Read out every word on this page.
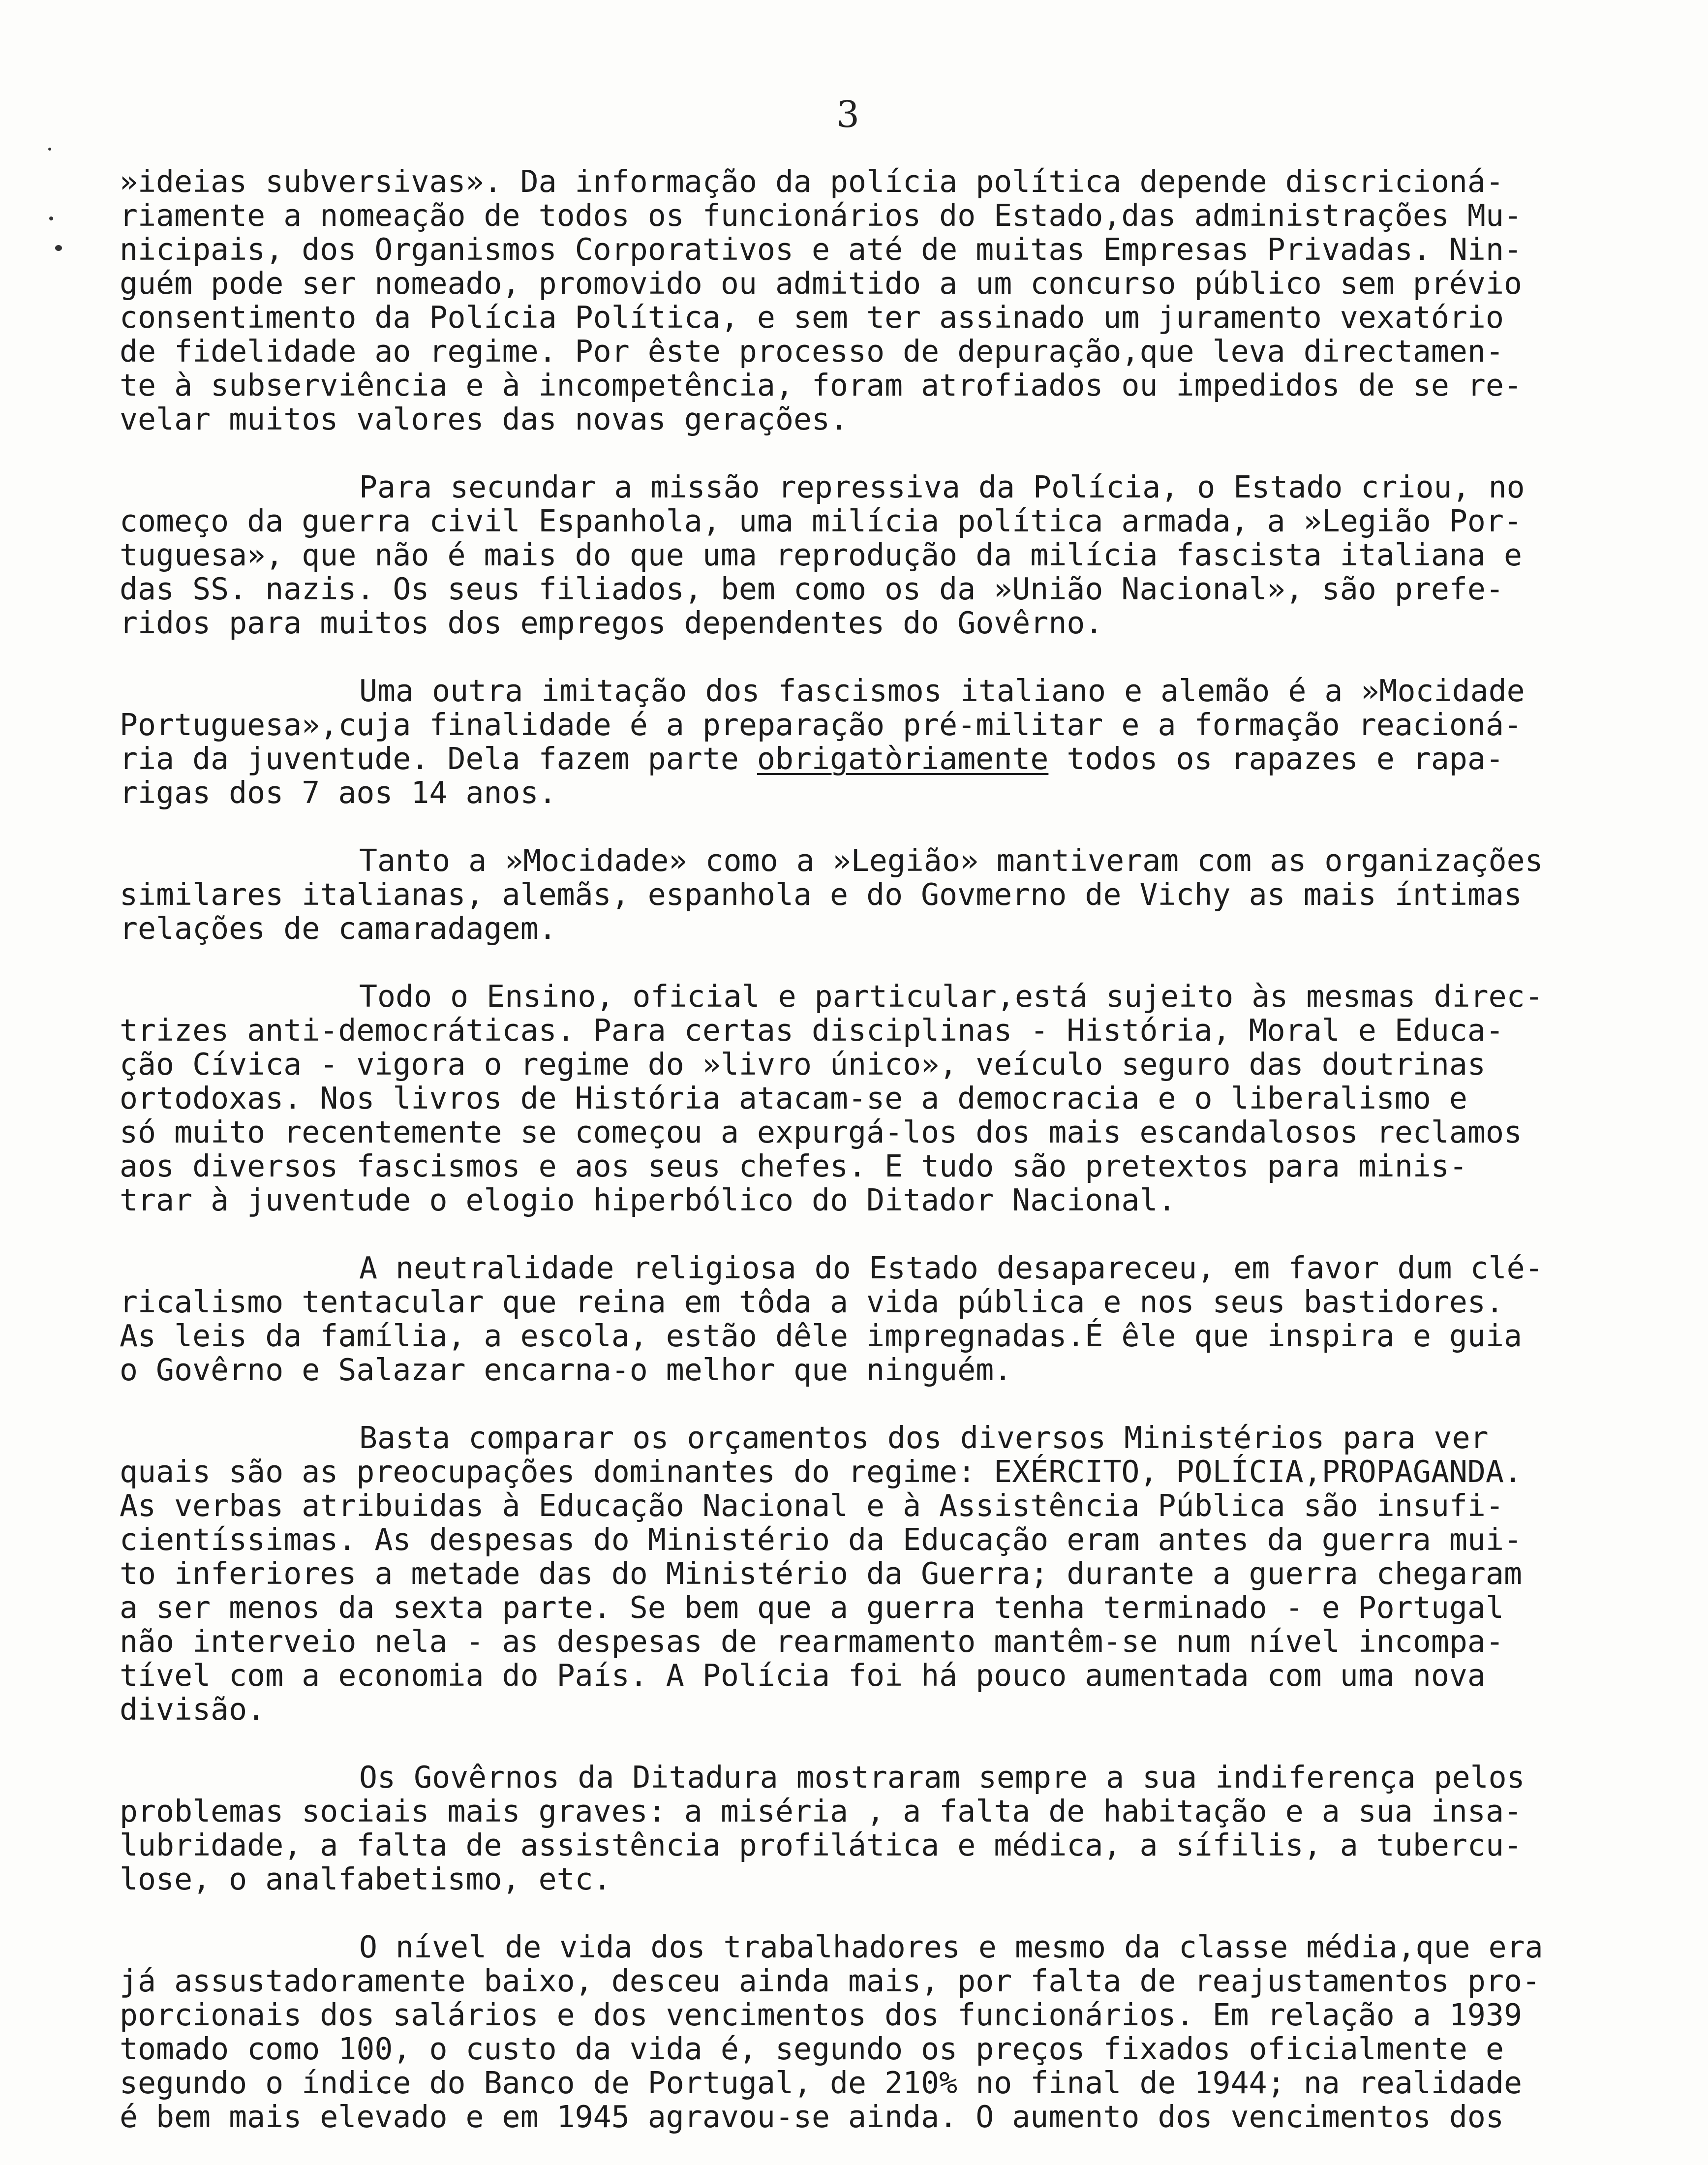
3
»ideias subversivas». Da informação da polícia política depende discricioná-
riamente a nomeação de todos os funcionários do Estado,das administrações Mu-
nicipais, dos Organismos Corporativos e até de muitas Empresas Privadas. Nin-
guém pode ser nomeado, promovido ou admitido a um concurso público sem prévio
consentimento da Polícia Política, e sem ter assinado um juramento vexatório
de fidelidade ao regime. Por êste processo de depuração,que leva directamen-
te à subserviência e à incompetência, foram atrofiados ou impedidos de se re-
velar muitos valores das novas gerações.
Para secundar a missão repressiva da Polícia, o Estado criou, no
começo da guerra civil Espanhola, uma milícia política armada, a »Legião Por-
tuguesa», que não é mais do que uma reprodução da milícia fascista italiana e
das SS. nazis. Os seus filiados, bem como os da »União Nacional», são prefe-
ridos para muitos dos empregos dependentes do Govêrno.
Uma outra imitação dos fascismos italiano e alemão é a »Mocidade
Portuguesa»,cuja finalidade é a preparação pré-militar e a formação reacioná-
ria da juventude. Dela fazem parte obrigatòriamente todos os rapazes e rapa-
rigas dos 7 aos 14 anos.
Tanto a »Mocidade» como a »Legião» mantiveram com as organizações
similares italianas, alemãs, espanhola e do Govmerno de Vichy as mais íntimas
relações de camaradagem.
Todo o Ensino, oficial e particular,está sujeito às mesmas direc-
trizes anti-democráticas. Para certas disciplinas - História, Moral e Educa-
ção Cívica - vigora o regime do »livro único», veículo seguro das doutrinas
ortodoxas. Nos livros de História atacam-se a democracia e o liberalismo e
só muito recentemente se começou a expurgá-los dos mais escandalosos reclamos
aos diversos fascismos e aos seus chefes. E tudo são pretextos para minis-
trar à juventude o elogio hiperbólico do Ditador Nacional.
A neutralidade religiosa do Estado desapareceu, em favor dum clé-
ricalismo tentacular que reina em tôda a vida pública e nos seus bastidores.
As leis da família, a escola, estão dêle impregnadas.É êle que inspira e guia
o Govêrno e Salazar encarna-o melhor que ninguém.
Basta comparar os orçamentos dos diversos Ministérios para ver
quais são as preocupações dominantes do regime: EXÉRCITO, POLÍCIA,PROPAGANDA.
As verbas atribuidas à Educação Nacional e à Assistência Pública são insufi-
cientíssimas. As despesas do Ministério da Educação eram antes da guerra mui-
to inferiores a metade das do Ministério da Guerra; durante a guerra chegaram
a ser menos da sexta parte. Se bem que a guerra tenha terminado - e Portugal
não interveio nela - as despesas de rearmamento mantêm-se num nível incompa-
tível com a economia do País. A Polícia foi há pouco aumentada com uma nova
divisão.
Os Govêrnos da Ditadura mostraram sempre a sua indiferença pelos
problemas sociais mais graves: a miséria , a falta de habitação e a sua insa-
lubridade, a falta de assistência profilática e médica, a sífilis, a tubercu-
lose, o analfabetismo, etc.
O nível de vida dos trabalhadores e mesmo da classe média,que era
já assustadoramente baixo, desceu ainda mais, por falta de reajustamentos pro-
porcionais dos salários e dos vencimentos dos funcionários. Em relação a 1939
tomado como 100, o custo da vida é, segundo os preços fixados oficialmente e
segundo o índice do Banco de Portugal, de 210% no final de 1944; na realidade
é bem mais elevado e em 1945 agravou-se ainda. O aumento dos vencimentos dos
